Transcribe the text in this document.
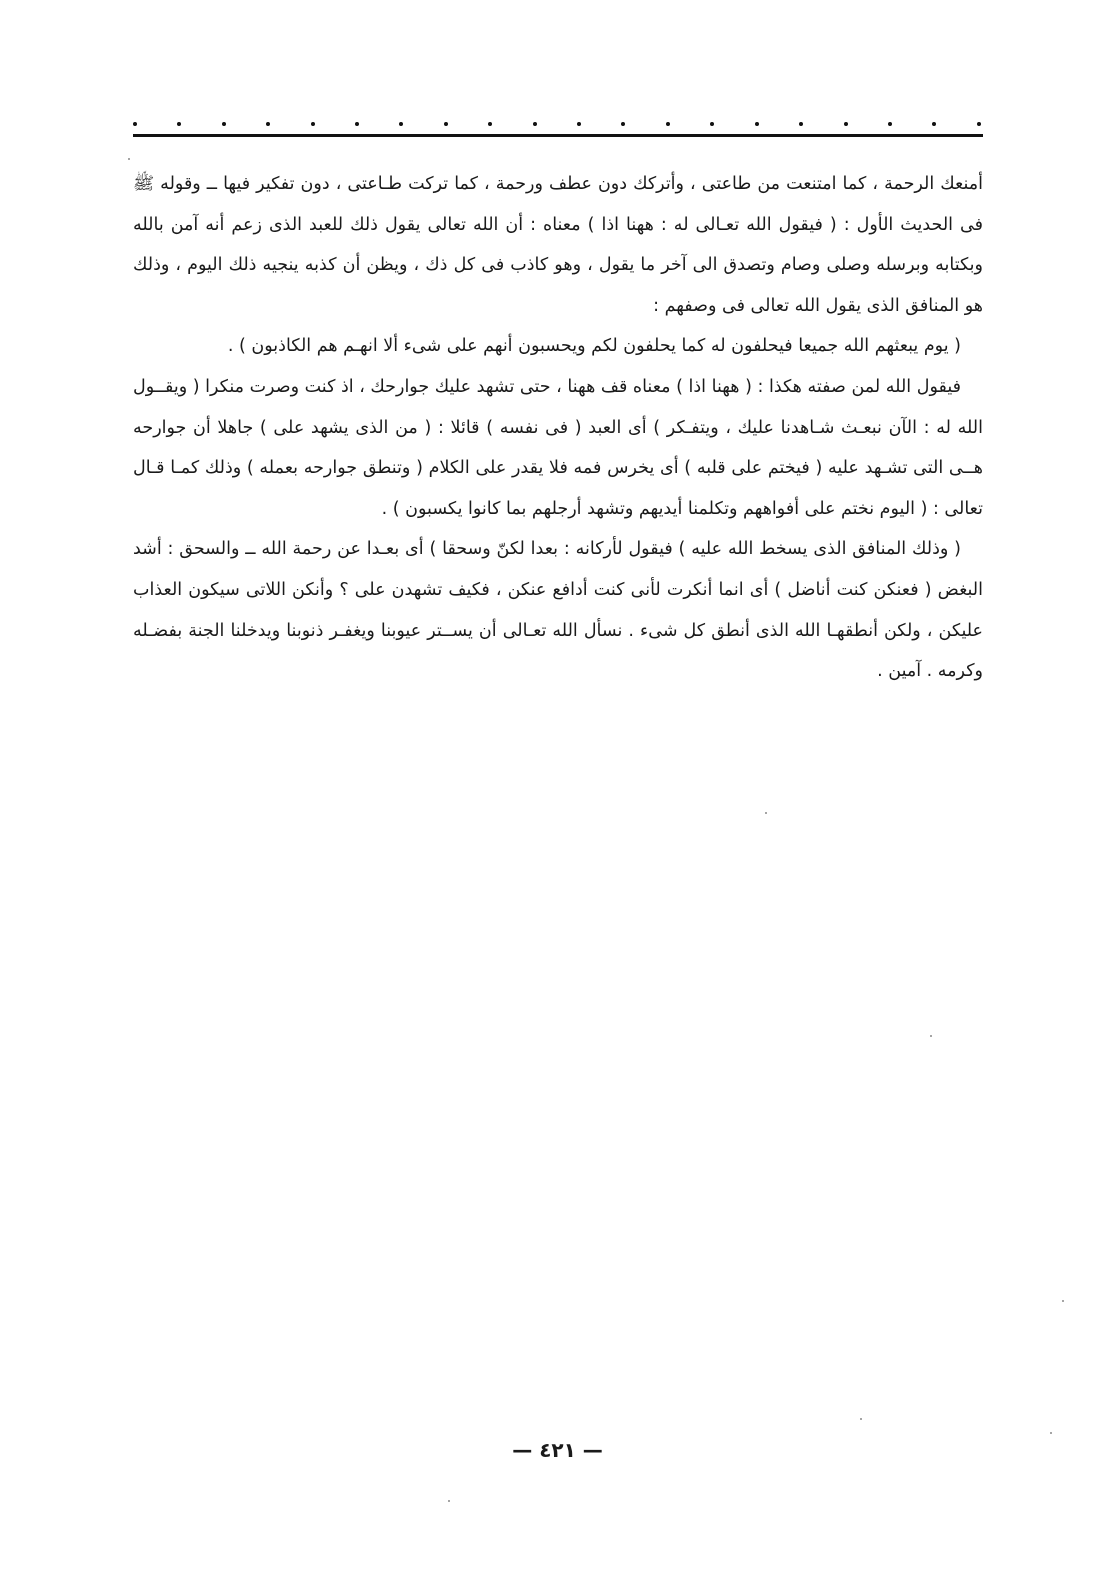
أمنعك الرحمة ، كما امتنعت من طاعتى ، وأتركك دون عطف ورحمة ، كما تركت طـاعتى ، دون تفكير فيها ــ وقوله ﷺ فى الحديث الأول : ( فيقول الله تعـالى له : ههنا اذا ) معناه : أن الله تعالى يقول ذلك للعبد الذى زعم أنه آمن بالله وبكتابه وبرسله وصلى وصام وتصدق الى آخر ما يقول ، وهو كاذب فى كل ذك ، ويظن أن كذبه ينجيه ذلك اليوم ، وذلك هو المنافق الذى يقول الله تعالى فى وصفهم :

( يوم يبعثهم الله جميعا فيحلفون له كما يحلفون لكم ويحسبون أنهم على شىء ألا انهـم هم الكاذبون ) .

فيقول الله لمن صفته هكذا : ( ههنا اذا ) معناه قف ههنا ، حتى تشهد عليك جوارحك ، اذ كنت وصرت منكرا ( ويقــول الله له : الآن نبعـث شـاهدنا عليك ، ويتفـكر ) أى العبد ( فى نفسه ) قائلا : ( من الذى يشهد على ) جاهلا أن جوارحه هــى التى تشـهد عليه ( فيختم على قلبه ) أى يخرس فمه فلا يقدر على الكلام ( وتنطق جوارحه بعمله ) وذلك كمـا قـال تعالى : ( اليوم نختم على أفواههم وتكلمنا أيديهم وتشهد أرجلهم بما كانوا يكسبون ) .

( وذلك المنافق الذى يسخط الله عليه ) فيقول لأركانه : بعدا لكنّ وسحقا ) أى بعـدا عن رحمة الله ــ والسحق : أشد البغض ( فعنكن كنت أناضل ) أى انما أنكرت لأنى كنت أدافع عنكن ، فكيف تشهدن على ؟ وأنكن اللاتى سيكون العذاب عليكن ، ولكن أنطقهـا الله الذى أنطق كل شىء . نسأل الله تعـالى أن يســتر عيوبنا ويغفـر ذنوبنا ويدخلنا الجنة بفضـله وكرمه . آمين .

— ٤٢١ —
